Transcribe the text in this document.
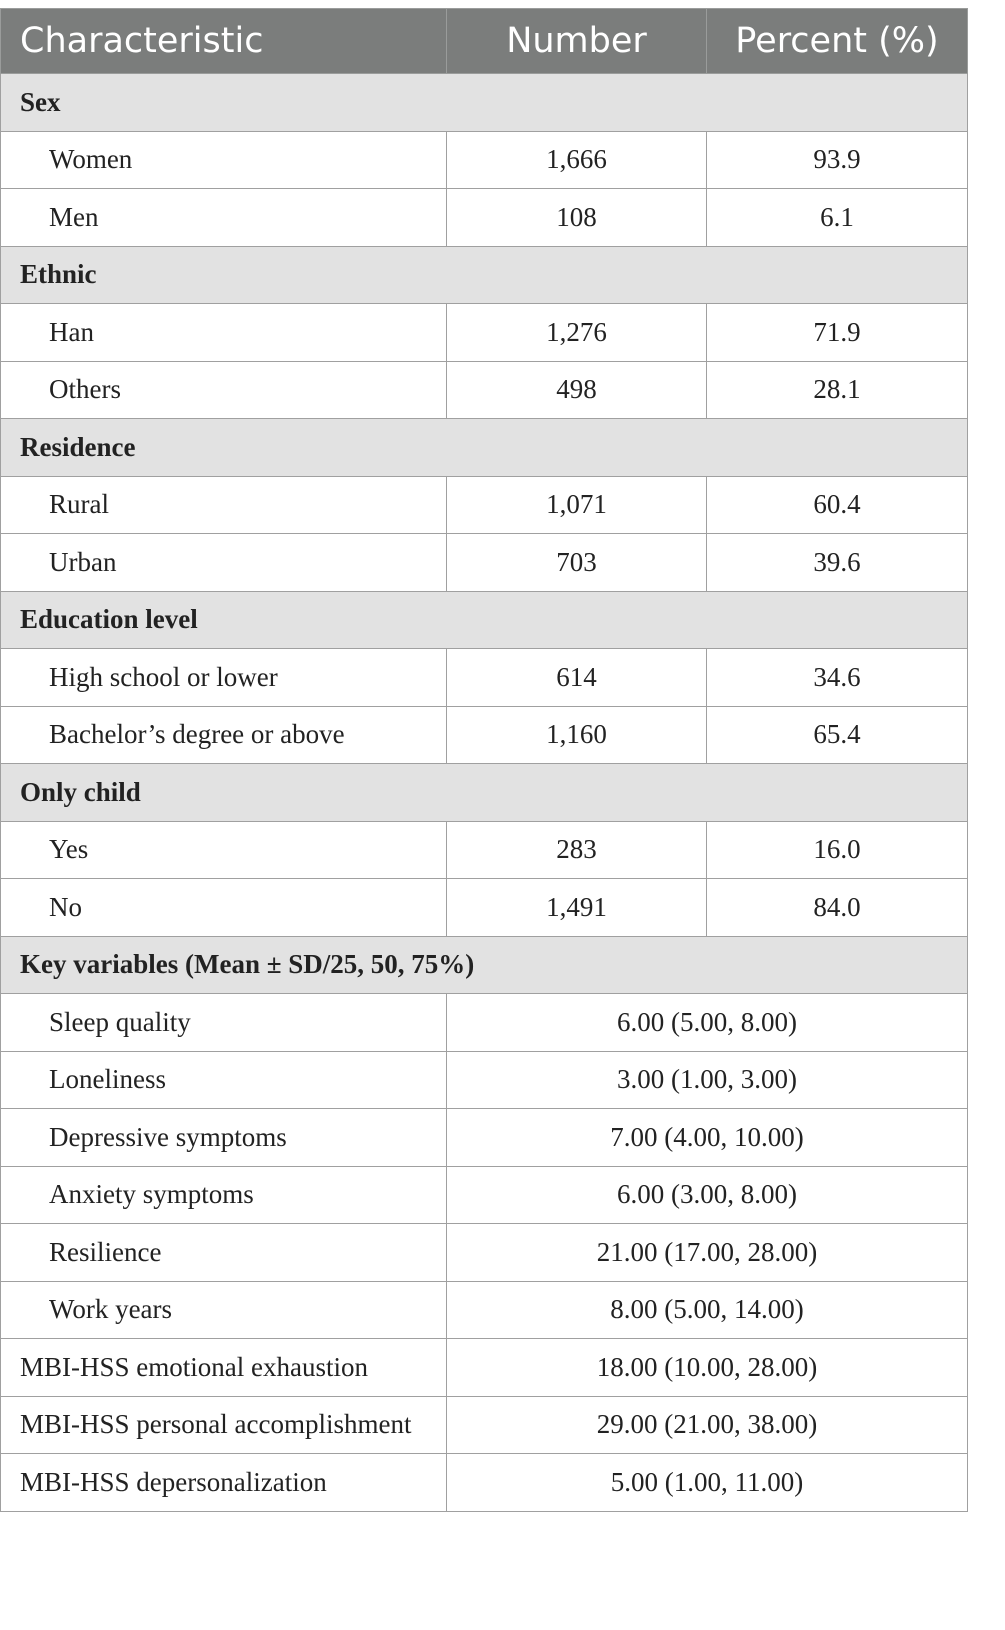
Characteristic	Number	Percent (%)
Sex		
Women	1,666	93.9
Men	108	6.1
Ethnic		
Han	1,276	71.9
Others	498	28.1
Residence		
Rural	1,071	60.4
Urban	703	39.6
Education level		
High school or lower	614	34.6
Bachelor’s degree or above	1,160	65.4
Only child		
Yes	283	16.0
No	1,491	84.0
Key variables (Mean ± SD/25, 50, 75%)		
Sleep quality	6.00 (5.00, 8.00)	
Loneliness	3.00 (1.00, 3.00)	
Depressive symptoms	7.00 (4.00, 10.00)	
Anxiety symptoms	6.00 (3.00, 8.00)	
Resilience	21.00 (17.00, 28.00)	
Work years	8.00 (5.00, 14.00)	
MBI-HSS emotional exhaustion	18.00 (10.00, 28.00)	
MBI-HSS personal accomplishment	29.00 (21.00, 38.00)	
MBI-HSS depersonalization	5.00 (1.00, 11.00)	
